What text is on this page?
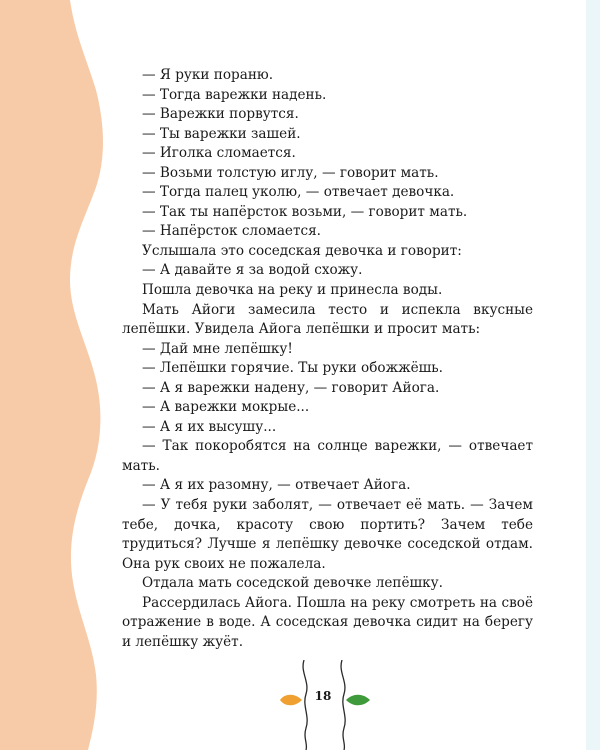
— Я руки пораню.

— Тогда варежки надень.

— Варежки порвутся.

— Ты варежки зашей.

— Иголка сломается.

— Возьми толстую иглу, — говорит мать.

— Тогда палец уколю, — отвечает девочка.

— Так ты напёрсток возьми, — говорит мать.

— Напёрсток сломается.

Услышала это соседская девочка и говорит:

— А давайте я за водой схожу.

Пошла девочка на реку и принесла воды.

Мать Айоги замесила тесто и испекла вкусные лепёшки. Увидела Айога лепёшки и просит мать:

— Дай мне лепёшку!

— Лепёшки горячие. Ты руки обожжёшь.

— А я варежки надену, — говорит Айога.

— А варежки мокрые...

— А я их высушу...

— Так покоробятся на солнце варежки, — отвечает мать.

— А я их разомну, — отвечает Айога.

— У тебя руки заболят, — отвечает её мать. — Зачем тебе, дочка, красоту свою портить? Зачем тебе трудиться? Лучше я лепёшку девочке соседской отдам. Она рук своих не пожалела.

Отдала мать соседской девочке лепёшку.

Рассердилась Айога. Пошла на реку смотреть на своё отражение в воде. А соседская девочка сидит на берегу и лепёшку жуёт.

18
